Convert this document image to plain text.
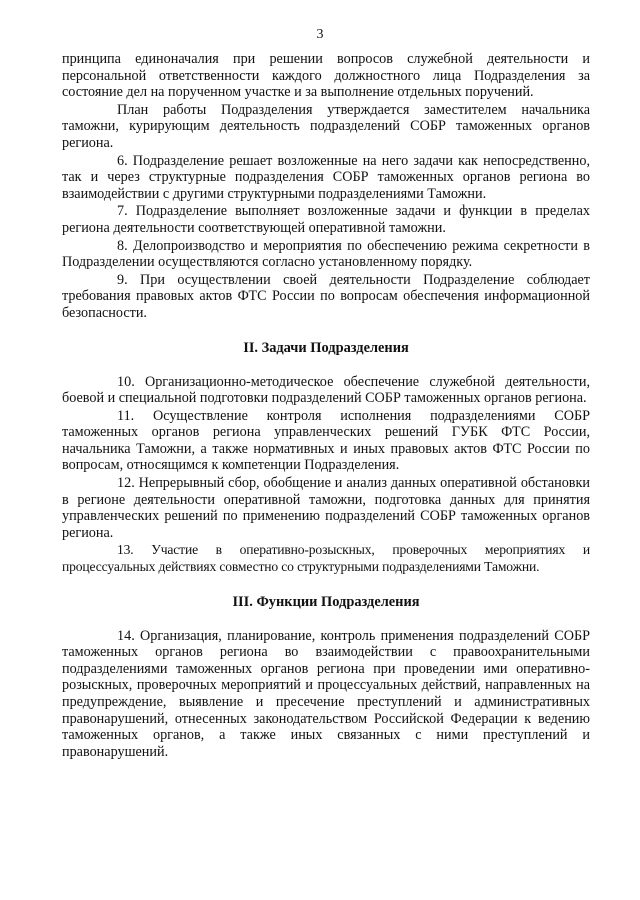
3

принципа единоначалия при решении вопросов служебной деятельности и персональной ответственности каждого должностного лица Подразделения за состояние дел на порученном участке и за выполнение отдельных поручений.

План работы Подразделения утверждается заместителем начальника таможни, курирующим деятельность подразделений СОБР таможенных органов региона.

6. Подразделение решает возложенные на него задачи как непосредственно, так и через структурные подразделения СОБР таможенных органов региона во взаимодействии с другими структурными подразделениями Таможни.

7. Подразделение выполняет возложенные задачи и функции в пределах региона деятельности соответствующей оперативной таможни.

8. Делопроизводство и мероприятия по обеспечению режима секретности в Подразделении осуществляются согласно установленному порядку.

9. При осуществлении своей деятельности Подразделение соблюдает требования правовых актов ФТС России по вопросам обеспечения информационной безопасности.

II. Задачи Подразделения

10. Организационно-методическое обеспечение служебной деятельности, боевой и специальной подготовки подразделений СОБР таможенных органов региона.

11. Осуществление контроля исполнения подразделениями СОБР таможенных органов региона управленческих решений ГУБК ФТС России, начальника Таможни, а также нормативных и иных правовых актов ФТС России по вопросам, относящимся к компетенции Подразделения.

12. Непрерывный сбор, обобщение и анализ данных оперативной обстановки в регионе деятельности оперативной таможни, подготовка данных для принятия управленческих решений по применению подразделений СОБР таможенных органов региона.

13. Участие в оперативно-розыскных, проверочных мероприятиях и процессуальных действиях совместно со структурными подразделениями Таможни.

III. Функции Подразделения

14. Организация, планирование, контроль применения подразделений СОБР таможенных органов региона во взаимодействии с правоохранительными подразделениями таможенных органов региона при проведении ими оперативно-розыскных, проверочных мероприятий и процессуальных действий, направленных на предупреждение, выявление и пресечение преступлений и административных правонарушений, отнесенных законодательством Российской Федерации к ведению таможенных органов, а также иных связанных с ними преступлений и правонарушений.
